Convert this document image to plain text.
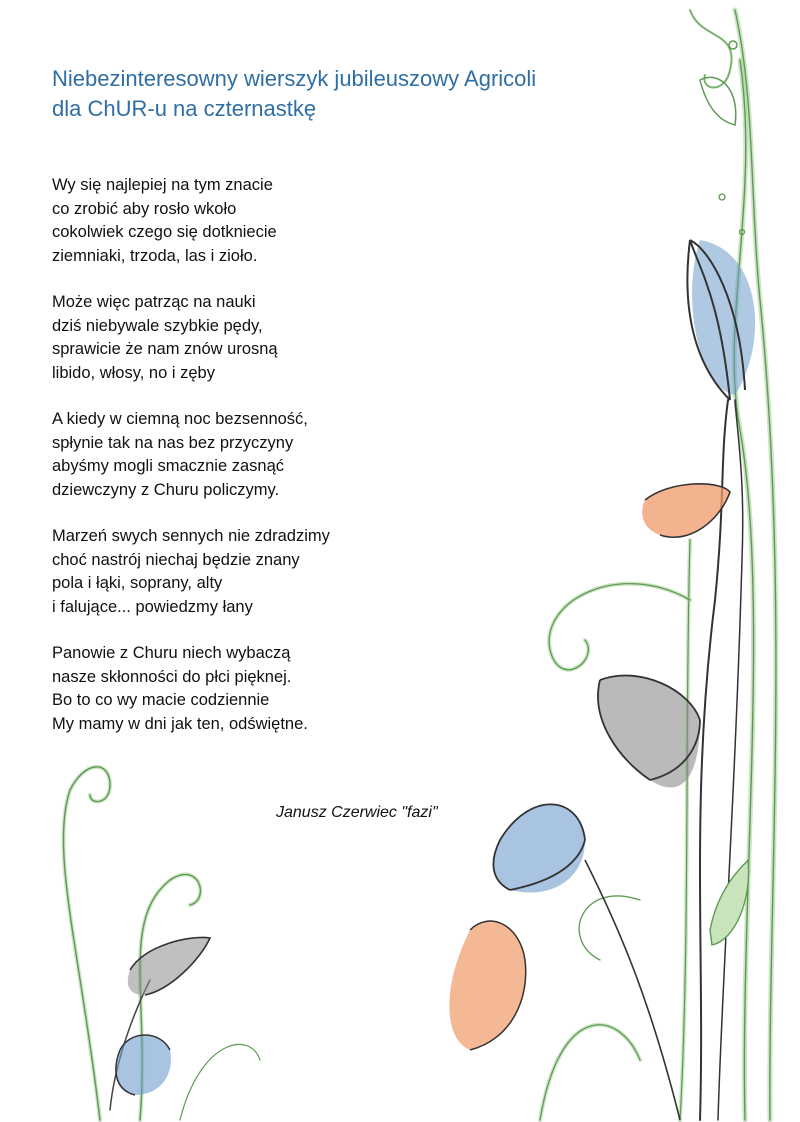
Niebezinteresowny wierszyk jubileuszowy Agricoli
dla ChUR-u na czternastkę
Wy się najlepiej na tym znacie
co zrobić aby rosło wkoło
cokolwiek czego się dotkniecie
ziemniaki, trzoda, las i zioło.
Może więc patrząc na nauki
dziś niebywale szybkie pędy,
sprawicie że nam znów urosną
libido, włosy, no i zęby
A kiedy w ciemną noc bezsenność,
spłynie tak na nas bez przyczyny
abyśmy mogli smacznie zasnąć
dziewczyny z Churu policzymy.
Marzeń swych sennych nie zdradzimy
choć nastrój niechaj będzie znany
pola i łąki, soprany, alty
i falujące... powiedzmy łany
Panowie z Churu niech wybaczą
nasze skłonności do płci pięknej.
Bo to co wy macie codziennie
My mamy w dni jak ten, odświętne.
Janusz Czerwiec "fazi"
